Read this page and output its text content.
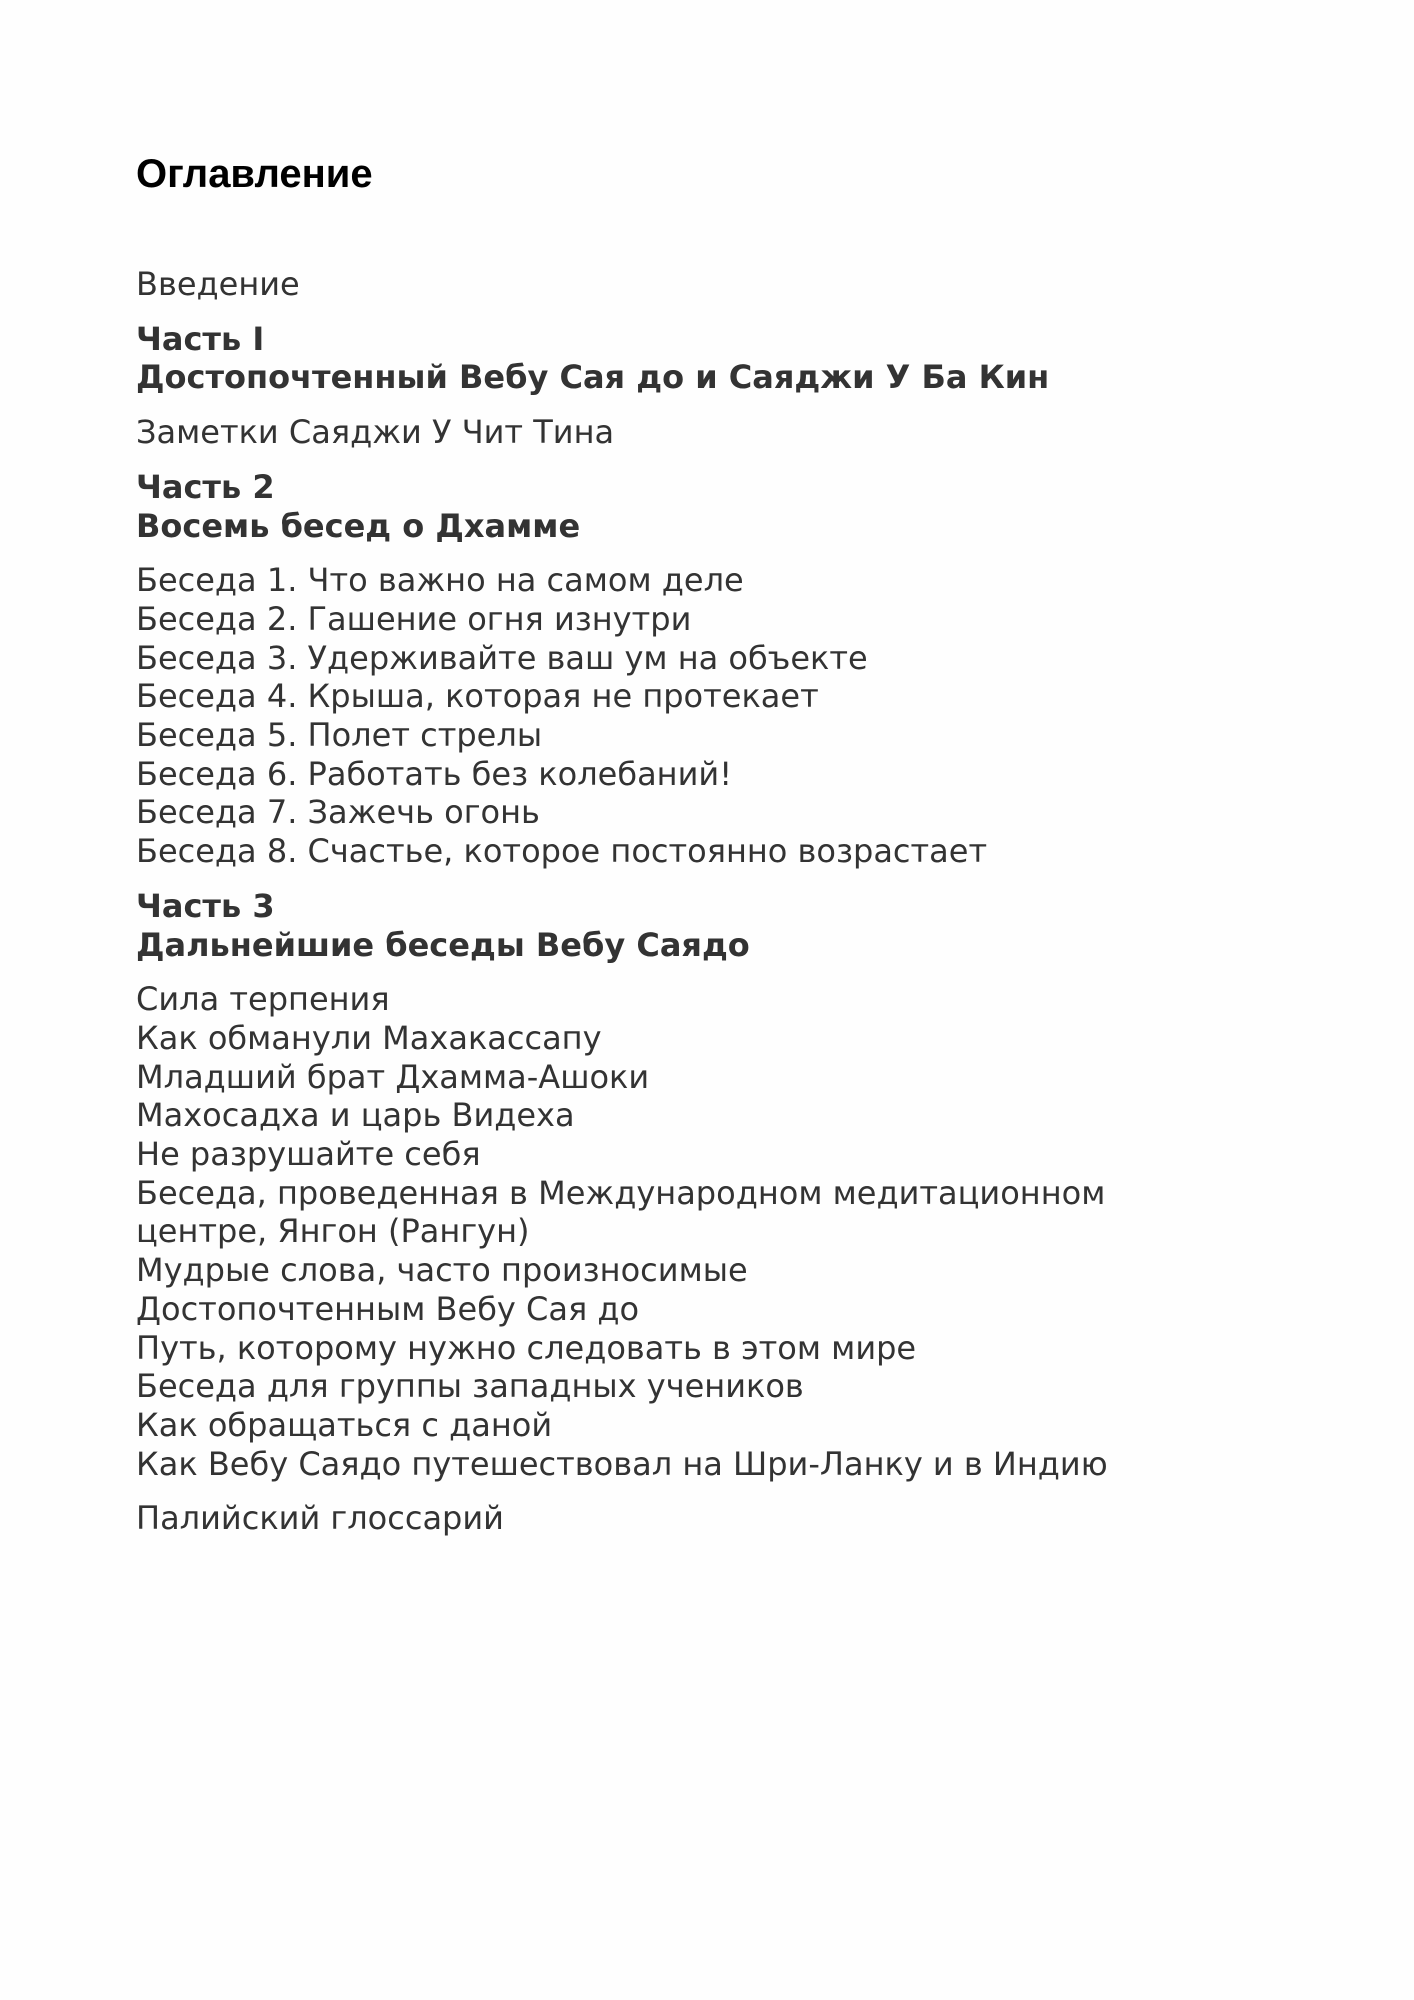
Оглавление
Введение
Часть I
Достопочтенный Вебу Сая до и Саяджи У Ба Кин
Заметки Саяджи У Чит Тина
Часть 2
Восемь бесед о Дхамме
Беседа 1. Что важно на самом деле
Беседа 2. Гашение огня изнутри
Беседа 3. Удерживайте ваш ум на объекте
Беседа 4. Крыша, которая не протекает
Беседа 5. Полет стрелы
Беседа 6. Работать без колебаний!
Беседа 7. Зажечь огонь
Беседа 8. Счастье, которое постоянно возрастает
Часть 3
Дальнейшие беседы Вебу Саядо
Сила терпения
Как обманули Махакассапу
Младший брат Дхамма-Ашоки
Махосадха и царь Видеха
Не разрушайте себя
Беседа, проведенная в Международном медитационном
центре, Янгон (Рангун)
Мудрые слова, часто произносимые
Достопочтенным Вебу Сая до
Путь, которому нужно следовать в этом мире
Беседа для группы западных учеников
Как обращаться с даной
Как Вебу Саядо путешествовал на Шри-Ланку и в Индию
Палийский глоссарий
